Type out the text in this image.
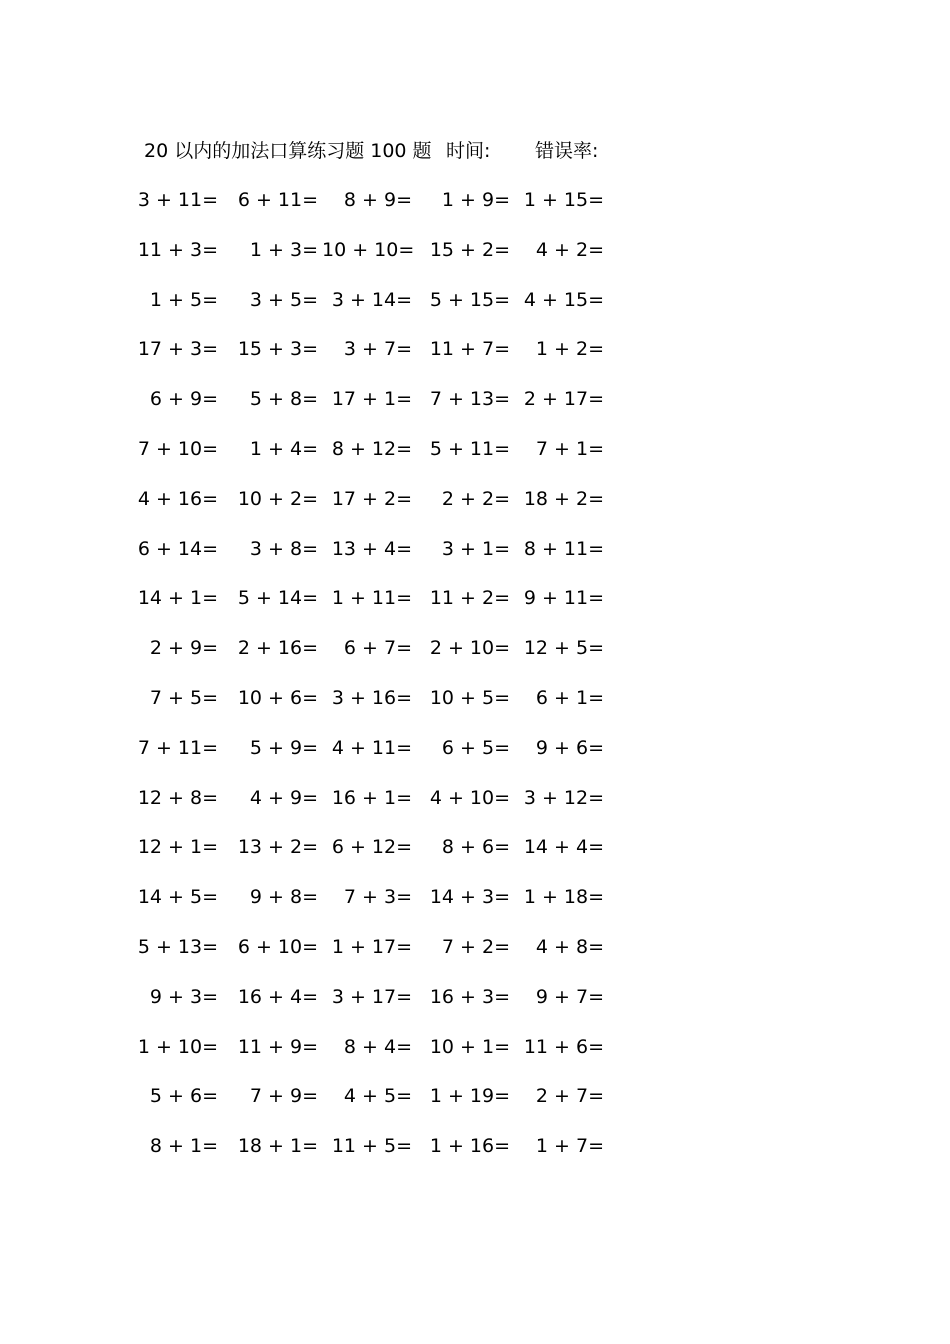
20 以内的加法口算练习题 100 题 时间: 错误率:
3 + 11=	6 + 11=	8 + 9=	1 + 9= 1 + 15=
11 + 3=	1 + 3= 10 + 10= 15 + 2=	4 + 2=
1 + 5=	3 + 5= 3 + 14= 5 + 15= 4 + 15=
17 + 3=	15 + 3=	3 + 7= 11 + 7=	1 + 2=
6 + 9=	5 + 8= 17 + 1= 7 + 13= 2 + 17=
7 + 10=	1 + 4= 8 + 12= 5 + 11=	7 + 1=
4 + 16=	10 + 2= 17 + 2=	2 + 2= 18 + 2=
6 + 14=	3 + 8= 13 + 4=	3 + 1= 8 + 11=
14 + 1=	5 + 14= 1 + 11= 11 + 2= 9 + 11=
2 + 9=	2 + 16=	6 + 7= 2 + 10= 12 + 5=
7 + 5=	10 + 6= 3 + 16= 10 + 5=	6 + 1=
7 + 11=	5 + 9= 4 + 11=	6 + 5=	9 + 6=
12 + 8=	4 + 9= 16 + 1= 4 + 10= 3 + 12=
12 + 1=	13 + 2= 6 + 12=	8 + 6= 14 + 4=
14 + 5=	9 + 8=	7 + 3= 14 + 3= 1 + 18=
5 + 13=	6 + 10= 1 + 17=	7 + 2=	4 + 8=
9 + 3=	16 + 4= 3 + 17= 16 + 3=	9 + 7=
1 + 10=	11 + 9=	8 + 4= 10 + 1= 11 + 6=
5 + 6=	7 + 9=	4 + 5= 1 + 19=	2 + 7=
8 + 1=	18 + 1= 11 + 5= 1 + 16=	1 + 7=
